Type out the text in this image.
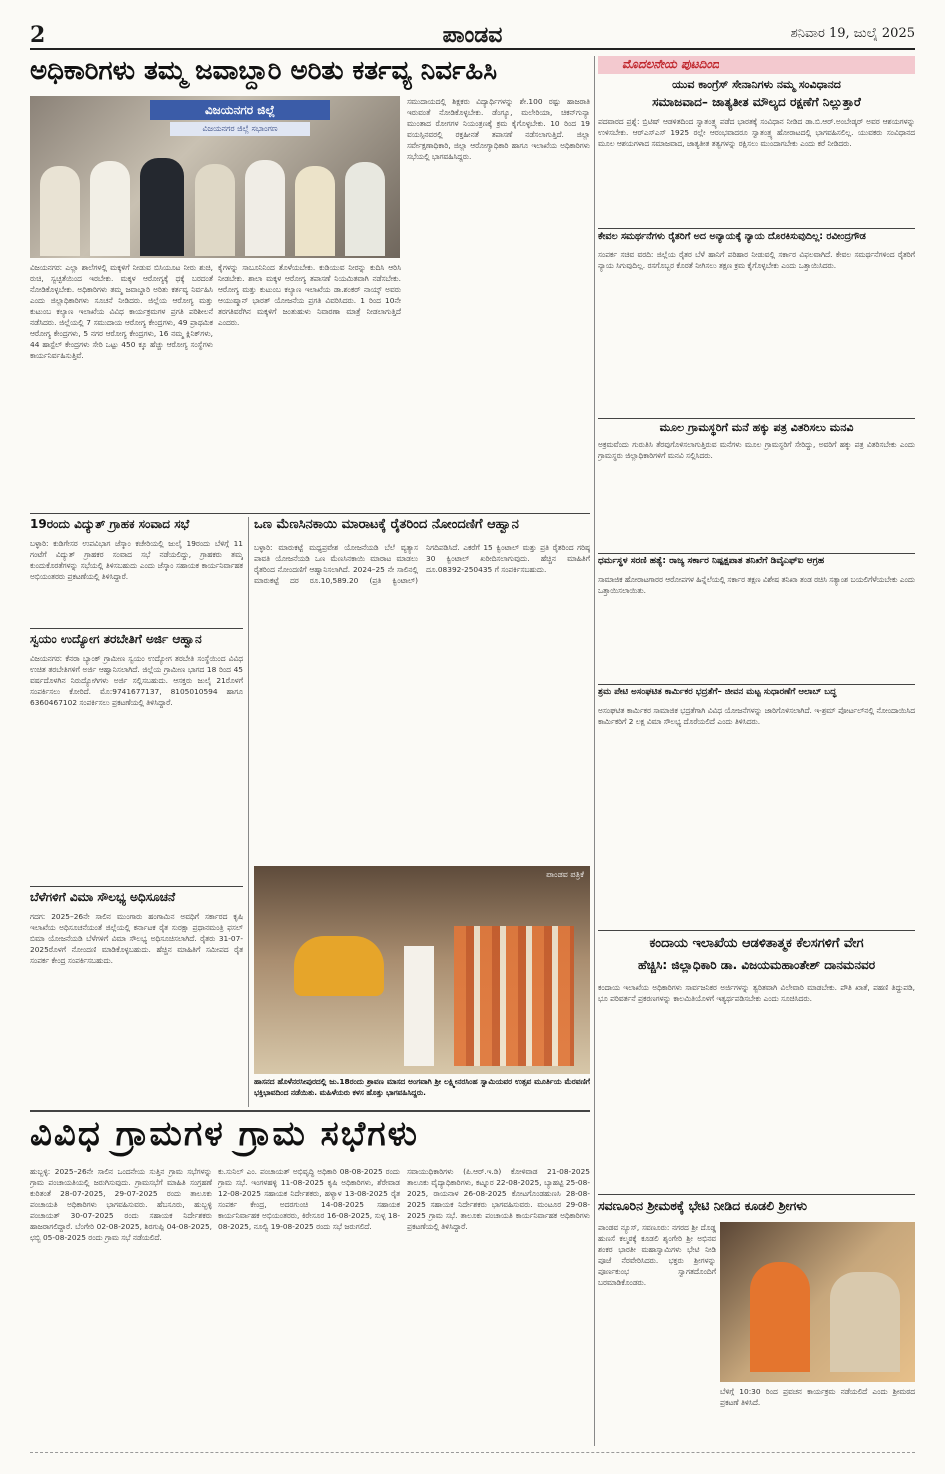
2	ಪಾಂಡವ	ಶನಿವಾರ 19, ಜುಲೈ 2025
ಅಧಿಕಾರಿಗಳು ತಮ್ಮ ಜವಾಬ್ದಾರಿ ಅರಿತು ಕರ್ತವ್ಯ ನಿರ್ವಹಿಸಿ
ವಿಜಯನಗರ ಜಿಲ್ಲೆ
ವಿಜಯನಗರ ಜಿಲ್ಲೆ ಸಭಾಂಗಣ
ವಿಜಯನಗರ: ಎಲ್ಲಾ ಶಾಲೆಗಳಲ್ಲಿ ಮಕ್ಕಳಿಗೆ ನೀಡುವ ಬಿಸಿಯೂಟ ನೀರು ಶುಚಿ, ರುಚಿ, ಸ್ವಚ್ಛತೆಯಿಂದ ಇರಬೇಕು. ಮಕ್ಕಳ ಆರೋಗ್ಯಕ್ಕೆ ಧಕ್ಕೆ ಬರದಂತೆ ನೋಡಿಕೊಳ್ಳಬೇಕು. ಅಧಿಕಾರಿಗಳು ತಮ್ಮ ಜವಾಬ್ದಾರಿ ಅರಿತು ಕರ್ತವ್ಯ ನಿರ್ವಹಿಸಿ ಎಂದು ಜಿಲ್ಲಾಧಿಕಾರಿಗಳು ಸೂಚನೆ ನೀಡಿದರು. ಜಿಲ್ಲೆಯ ಆರೋಗ್ಯ ಮತ್ತು ಕುಟುಂಬ ಕಲ್ಯಾಣ ಇಲಾಖೆಯ ವಿವಿಧ ಕಾರ್ಯಕ್ರಮಗಳ ಪ್ರಗತಿ ಪರಿಶೀಲನೆ ನಡೆಸಿದರು. ಜಿಲ್ಲೆಯಲ್ಲಿ 7 ಸಮುದಾಯ ಆರೋಗ್ಯ ಕೇಂದ್ರಗಳು, 49 ಪ್ರಾಥಮಿಕ ಆರೋಗ್ಯ ಕೇಂದ್ರಗಳು, 5 ನಗರ ಆರೋಗ್ಯ ಕೇಂದ್ರಗಳು, 16 ನಮ್ಮ ಕ್ಲಿನಿಕ್‌ಗಳು, 44 ಹಾಸ್ಟೆಲ್ ಕೇಂದ್ರಗಳು ಸೇರಿ ಒಟ್ಟು 450 ಕ್ಕೂ ಹೆಚ್ಚು ಆರೋಗ್ಯ ಸಂಸ್ಥೆಗಳು ಕಾರ್ಯನಿರ್ವಹಿಸುತ್ತಿವೆ.
ಕೈಗಳನ್ನು ಸಾಬೂನಿನಿಂದ ತೊಳೆಯಬೇಕು. ಕುಡಿಯುವ ನೀರನ್ನು ಕುದಿಸಿ ಆರಿಸಿ ನೀಡಬೇಕು. ಶಾಲಾ ಮಕ್ಕಳ ಆರೋಗ್ಯ ತಪಾಸಣೆ ನಿಯಮಿತವಾಗಿ ನಡೆಸಬೇಕು. ಆರೋಗ್ಯ ಮತ್ತು ಕುಟುಂಬ ಕಲ್ಯಾಣ ಇಲಾಖೆಯ ಡಾ.ಶಂಕರ್ ನಾಯ್ಕ್ ಅವರು ಆಯುಷ್ಮಾನ್ ಭಾರತ್ ಯೋಜನೆಯ ಪ್ರಗತಿ ವಿವರಿಸಿದರು. 1 ರಿಂದ 10ನೇ ತರಗತಿವರೆಗಿನ ಮಕ್ಕಳಿಗೆ ಜಂತುಹುಳು ನಿವಾರಣಾ ಮಾತ್ರೆ ನೀಡಲಾಗುತ್ತಿದೆ ಎಂದರು.
ಸಮುದಾಯದಲ್ಲಿ ಶಿಕ್ಷಕರು ವಿದ್ಯಾರ್ಥಿಗಳನ್ನು ಶೇ.100 ರಷ್ಟು ಹಾಜರಾತಿ ಇರುವಂತೆ ನೋಡಿಕೊಳ್ಳಬೇಕು. ಡೆಂಗ್ಯೂ, ಮಲೇರಿಯಾ, ಚಿಕನ್‌ಗುನ್ಯಾ ಮುಂತಾದ ರೋಗಗಳ ನಿಯಂತ್ರಣಕ್ಕೆ ಕ್ರಮ ಕೈಗೊಳ್ಳಬೇಕು. 10 ರಿಂದ 19 ವಯಸ್ಸಿನವರಲ್ಲಿ ರಕ್ತಹೀನತೆ ತಪಾಸಣೆ ನಡೆಸಲಾಗುತ್ತಿದೆ. ಜಿಲ್ಲಾ ಸರ್ವೇಕ್ಷಣಾಧಿಕಾರಿ, ಜಿಲ್ಲಾ ಆರೋಗ್ಯಾಧಿಕಾರಿ ಹಾಗೂ ಇಲಾಖೆಯ ಅಧಿಕಾರಿಗಳು ಸಭೆಯಲ್ಲಿ ಭಾಗವಹಿಸಿದ್ದರು.
19ರಂದು ವಿದ್ಯುತ್ ಗ್ರಾಹಕ ಸಂವಾದ ಸಭೆ
ಬಳ್ಳಾರಿ: ಕುಡಿಗೇಸರ ಉಪವಿಭಾಗ ಜೆಸ್ಕಾಂ ಕಚೇರಿಯಲ್ಲಿ ಜುಲೈ 19ರಂದು ಬೆಳಿಗ್ಗೆ 11 ಗಂಟೆಗೆ ವಿದ್ಯುತ್ ಗ್ರಾಹಕರ ಸಂವಾದ ಸಭೆ ನಡೆಯಲಿದ್ದು, ಗ್ರಾಹಕರು ತಮ್ಮ ಕುಂದುಕೊರತೆಗಳನ್ನು ಸಭೆಯಲ್ಲಿ ತಿಳಿಸಬಹುದು ಎಂದು ಜೆಸ್ಕಾಂ ಸಹಾಯಕ ಕಾರ್ಯನಿರ್ವಾಹಕ ಅಭಿಯಂತರರು ಪ್ರಕಟಣೆಯಲ್ಲಿ ತಿಳಿಸಿದ್ದಾರೆ.
ಸ್ವಯಂ ಉದ್ಯೋಗ ತರಬೇತಿಗೆ ಅರ್ಜಿ ಆಹ್ವಾನ
ವಿಜಯನಗರ: ಕೆನರಾ ಬ್ಯಾಂಕ್ ಗ್ರಾಮೀಣ ಸ್ವಯಂ ಉದ್ಯೋಗ ತರಬೇತಿ ಸಂಸ್ಥೆಯಿಂದ ವಿವಿಧ ಉಚಿತ ತರಬೇತಿಗಳಿಗೆ ಅರ್ಜಿ ಆಹ್ವಾನಿಸಲಾಗಿದೆ. ಜಿಲ್ಲೆಯ ಗ್ರಾಮೀಣ ಭಾಗದ 18 ರಿಂದ 45 ವರ್ಷದೊಳಗಿನ ನಿರುದ್ಯೋಗಿಗಳು ಅರ್ಜಿ ಸಲ್ಲಿಸಬಹುದು. ಆಸಕ್ತರು ಜುಲೈ 21ರೊಳಗೆ ಸಂಪರ್ಕಿಸಲು ಕೋರಿದೆ. ಮೊ:9741677137, 8105010594 ಹಾಗೂ 6360467102 ಸಂಪರ್ಕಿಸಲು ಪ್ರಕಟಣೆಯಲ್ಲಿ ತಿಳಿಸಿದ್ದಾರೆ.
ಬೆಳೆಗಳಿಗೆ ವಿಮಾ ಸೌಲಭ್ಯ ಅಧಿಸೂಚನೆ
ಗದಗ: 2025–26ನೇ ಸಾಲಿನ ಮುಂಗಾರು ಹಂಗಾಮಿನ ಅವಧಿಗೆ ಸರ್ಕಾರದ ಕೃಷಿ ಇಲಾಖೆಯ ಅಧಿಸೂಚನೆಯಂತೆ ಜಿಲ್ಲೆಯಲ್ಲಿ ಕರ್ನಾಟಕ ರೈತ ಸುರಕ್ಷಾ ಪ್ರಧಾನಮಂತ್ರಿ ಫಸಲ್ ಬಿಮಾ ಯೋಜನೆಯಡಿ ಬೆಳೆಗಳಿಗೆ ವಿಮಾ ಸೌಲಭ್ಯ ಅಧಿಸೂಚಿಸಲಾಗಿದೆ. ರೈತರು 31-07-2025ರೊಳಗೆ ನೋಂದಣಿ ಮಾಡಿಕೊಳ್ಳಬಹುದು. ಹೆಚ್ಚಿನ ಮಾಹಿತಿಗೆ ಸಮೀಪದ ರೈತ ಸಂಪರ್ಕ ಕೇಂದ್ರ ಸಂಪರ್ಕಿಸಬಹುದು.
ಒಣ ಮೆಣಸಿನಕಾಯಿ ಮಾರಾಟಕ್ಕೆ ರೈತರಿಂದ ನೋಂದಣಿಗೆ ಆಹ್ವಾನ
ಬಳ್ಳಾರಿ: ಮಾರುಕಟ್ಟೆ ಮಧ್ಯಪ್ರವೇಶ ಯೋಜನೆಯಡಿ ಬೆಲೆ ವ್ಯತ್ಯಾಸ ಪಾವತಿ ಯೋಜನೆಯಡಿ ಒಣ ಮೆಣಸಿನಕಾಯಿ ಮಾರಾಟ ಮಾಡಲು ರೈತರಿಂದ ನೋಂದಣಿಗೆ ಆಹ್ವಾನಿಸಲಾಗಿದೆ. 2024–25 ನೇ ಸಾಲಿನಲ್ಲಿ ಮಾರುಕಟ್ಟೆ ದರ ರೂ.10,589.20 (ಪ್ರತಿ ಕ್ವಿಂಟಾಲ್) ನಿಗದಿಪಡಿಸಿದೆ. ಎಕರೆಗೆ 15 ಕ್ವಿಂಟಾಲ್ ಮತ್ತು ಪ್ರತಿ ರೈತರಿಂದ ಗರಿಷ್ಠ 30 ಕ್ವಿಂಟಾಲ್ ಖರೀದಿಸಲಾಗುವುದು. ಹೆಚ್ಚಿನ ಮಾಹಿತಿಗೆ ದೂ.08392-250435 ಗೆ ಸಂಪರ್ಕಿಸಬಹುದು.
ಪಾಂಡವ ಪತ್ರಿಕೆ
ಹಾಸನದ ಹೊಳೆನರಸೀಪುರದಲ್ಲಿ ಜು.18ರಂದು ಶ್ರಾವಣ ಮಾಸದ ಅಂಗವಾಗಿ ಶ್ರೀ ಲಕ್ಷ್ಮೀನರಸಿಂಹ ಸ್ವಾಮಿಯವರ ಉತ್ಸವ ಮೂರ್ತಿಯ ಮೆರವಣಿಗೆ ಭಕ್ತಿಭಾವದಿಂದ ನಡೆಯಿತು. ಮಹಿಳೆಯರು ಕಳಸ ಹೊತ್ತು ಭಾಗವಹಿಸಿದ್ದರು.
ವಿವಿಧ ಗ್ರಾಮಗಳ ಗ್ರಾಮ ಸಭೆಗಳು
ಹುಬ್ಬಳ್ಳಿ: 2025–26ನೇ ಸಾಲಿನ ಒಂದನೇಯ ಸುತ್ತಿನ ಗ್ರಾಮ ಸಭೆಗಳನ್ನು ಗ್ರಾಮ ಪಂಚಾಯತಿಯಲ್ಲಿ ಜರುಗಿಸುವುದು. ಗ್ರಾಮಸಭೆಗೆ ಮಾಹಿತಿ ಸಂಗ್ರಹಣೆ ಕುರಿತಂತೆ 28-07-2025, 29-07-2025 ರಂದು ತಾಲೂಕು ಪಂಚಾಯತಿ ಅಧಿಕಾರಿಗಳು ಭಾಗವಹಿಸುವರು. ಹೆಬಸೂರು, ಹುಬ್ಬಳ್ಳಿ ಪಂಚಾಯತ್ 30-07-2025 ರಂದು ಸಹಾಯಕ ನಿರ್ದೇಶಕರು ಹಾಜರಾಗಲಿದ್ದಾರೆ. ಬೆಂಗೇರಿ 02-08-2025, ಶಿರಗುಪ್ಪಿ 04-08-2025, ಛಬ್ಬಿ 05-08-2025 ರಂದು ಗ್ರಾಮ ಸಭೆ ನಡೆಯಲಿದೆ.
ಕು.ಸುನಿಲ್ ಎಂ. ಪಂಚಾಯತ್ ಅಭಿವೃದ್ಧಿ ಅಧಿಕಾರಿ 08-08-2025 ರಂದು ಗ್ರಾಮ ಸಭೆ. ಇಂಗಳಹಳ್ಳಿ 11-08-2025 ಕೃಷಿ ಅಧಿಕಾರಿಗಳು, ಶೆರೇವಾಡ 12-08-2025 ಸಹಾಯಕ ನಿರ್ದೇಶಕರು, ಹಳ್ಯಾಳ 13-08-2025 ರೈತ ಸಂಪರ್ಕ ಕೇಂದ್ರ, ಅದರಗುಂಚಿ 14-08-2025 ಸಹಾಯಕ ಕಾರ್ಯನಿರ್ವಾಹಕ ಅಭಿಯಂತರರು, ಕಿರೇಸೂರ 16-08-2025, ಸುಳ್ಳ 18-08-2025, ನೂಲ್ವಿ 19-08-2025 ರಂದು ಸಭೆ ಜರುಗಲಿದೆ.
ಸವಾಯುಧಿಕಾರಿಗಳು (ಪಿ.ಆರ್.ಇ.ಡಿ) ಕೋಳಿವಾಡ 21-08-2025 ತಾಲೂಕು ವೈದ್ಯಾಧಿಕಾರಿಗಳು, ಕಟ್ನೂರ 22-08-2025, ಬ್ಯಾಹಟ್ಟಿ 25-08-2025, ರಾಯನಾಳ 26-08-2025 ಕೋಟಗೊಂಡಹುಣಸಿ 28-08-2025 ಸಹಾಯಕ ನಿರ್ದೇಶಕರು ಭಾಗವಹಿಸುವರು. ಮಂಟೂರ 29-08-2025 ಗ್ರಾಮ ಸಭೆ. ತಾಲೂಕು ಪಂಚಾಯತಿ ಕಾರ್ಯನಿರ್ವಾಹಕ ಅಧಿಕಾರಿಗಳು ಪ್ರಕಟಣೆಯಲ್ಲಿ ತಿಳಿಸಿದ್ದಾರೆ.
ಮೊದಲನೇಯ ಪುಟದಿಂದ
ಯುವ ಕಾಂಗ್ರೆಸ್ ಸೇನಾನಿಗಳು ನಮ್ಮ ಸಂವಿಧಾನದ
ಸಮಾಜವಾದ– ಜಾತ್ಯತೀತ ಮೌಲ್ಯದ ರಕ್ಷಣೆಗೆ ನಿಲ್ಲುತ್ತಾರೆ
ಪದವಾರದ ಪ್ರಶ್ನೆ: ಬ್ರಿಟಿಷ್ ಆಡಳಿತದಿಂದ ಸ್ವಾತಂತ್ರ್ಯ ಪಡೆದ ಭಾರತಕ್ಕೆ ಸಂವಿಧಾನ ನೀಡಿದ ಡಾ.ಬಿ.ಆರ್.ಅಂಬೇಡ್ಕರ್ ಅವರ ಆಶಯಗಳನ್ನು ಉಳಿಸಬೇಕು. ಆರ್‌ಎಸ್‌ಎಸ್ 1925 ರಲ್ಲೇ ಆರಂಭವಾದರೂ ಸ್ವಾತಂತ್ರ್ಯ ಹೋರಾಟದಲ್ಲಿ ಭಾಗವಹಿಸಲಿಲ್ಲ. ಯುವಕರು ಸಂವಿಧಾನದ ಮೂಲ ಆಶಯಗಳಾದ ಸಮಾಜವಾದ, ಜಾತ್ಯತೀತ ತತ್ವಗಳನ್ನು ರಕ್ಷಿಸಲು ಮುಂದಾಗಬೇಕು ಎಂದು ಕರೆ ನೀಡಿದರು.
ಕೇವಲ ಸಮರ್ಥನೆಗಳು ರೈತರಿಗೆ ಅದ ಅನ್ಯಾಯಕ್ಕೆ ನ್ಯಾಯ ದೊರಕಿಸುವುದಿಲ್ಲ: ರವೀಂದ್ರಗೌಡ
ಸಂಪರ್ಕ ಸಚಿವ ವರದಿ: ಜಿಲ್ಲೆಯ ರೈತರ ಬೆಳೆ ಹಾನಿಗೆ ಪರಿಹಾರ ನೀಡುವಲ್ಲಿ ಸರ್ಕಾರ ವಿಫಲವಾಗಿದೆ. ಕೇವಲ ಸಮರ್ಥನೆಗಳಿಂದ ರೈತರಿಗೆ ನ್ಯಾಯ ಸಿಗುವುದಿಲ್ಲ. ರಸಗೊಬ್ಬರ ಕೊರತೆ ನೀಗಿಸಲು ತಕ್ಷಣ ಕ್ರಮ ಕೈಗೊಳ್ಳಬೇಕು ಎಂದು ಒತ್ತಾಯಿಸಿದರು.
ಮೂಲ ಗ್ರಾಮಸ್ಥರಿಗೆ ಮನೆ ಹಕ್ಕು ಪತ್ರ ವಿತರಿಸಲು ಮನವಿ
ಅಕ್ರಮವೆಂದು ಗುರುತಿಸಿ ತೆರವುಗೊಳಿಸಲಾಗುತ್ತಿರುವ ಮನೆಗಳು ಮೂಲ ಗ್ರಾಮಸ್ಥರಿಗೆ ಸೇರಿದ್ದು, ಅವರಿಗೆ ಹಕ್ಕು ಪತ್ರ ವಿತರಿಸಬೇಕು ಎಂದು ಗ್ರಾಮಸ್ಥರು ಜಿಲ್ಲಾಧಿಕಾರಿಗಳಿಗೆ ಮನವಿ ಸಲ್ಲಿಸಿದರು.
ಧರ್ಮಸ್ಥಳ ಸರಣಿ ಹತ್ಯೆ: ರಾಜ್ಯ ಸರ್ಕಾರ ನಿಷ್ಪಕ್ಷಪಾತ ತನಿಖೆಗೆ ಡಿವೈಎಫ್‌ಐ ಆಗ್ರಹ
ಸಾಮಾಜಿಕ ಹೋರಾಟಗಾರರ ಆರೋಪಗಳ ಹಿನ್ನೆಲೆಯಲ್ಲಿ ಸರ್ಕಾರ ತಕ್ಷಣ ವಿಶೇಷ ತನಿಖಾ ತಂಡ ರಚಿಸಿ ಸತ್ಯಾಂಶ ಬಯಲಿಗೆಳೆಯಬೇಕು ಎಂದು ಒತ್ತಾಯಿಸಲಾಯಿತು.
ಶ್ರಮ ಪೇಟಿ ಅಸಂಘಟಿತ ಕಾರ್ಮಿಕರ ಭದ್ರತೆಗೆ– ಜೀವನ ಮಟ್ಟ ಸುಧಾರಣೆಗೆ ಆಲಾಬ್ ಬದ್ಧ
ಅಸಂಘಟಿತ ಕಾರ್ಮಿಕರ ಸಾಮಾಜಿಕ ಭದ್ರತೆಗಾಗಿ ವಿವಿಧ ಯೋಜನೆಗಳನ್ನು ಜಾರಿಗೊಳಿಸಲಾಗಿದೆ. ಇ-ಶ್ರಮ್ ಪೋರ್ಟಲ್‌ನಲ್ಲಿ ನೋಂದಾಯಿಸಿದ ಕಾರ್ಮಿಕರಿಗೆ 2 ಲಕ್ಷ ವಿಮಾ ಸೌಲಭ್ಯ ದೊರೆಯಲಿದೆ ಎಂದು ತಿಳಿಸಿದರು.
ಕಂದಾಯ ಇಲಾಖೆಯ ಆಡಳಿತಾತ್ಮಕ ಕೆಲಸಗಳಿಗೆ ವೇಗ
ಹೆಚ್ಚಿಸಿ: ಜಿಲ್ಲಾಧಿಕಾರಿ ಡಾ. ವಿಜಯಮಹಾಂತೇಶ್ ದಾನಮನವರ
ಕಂದಾಯ ಇಲಾಖೆಯ ಅಧಿಕಾರಿಗಳು ಸಾರ್ವಜನಿಕರ ಅರ್ಜಿಗಳನ್ನು ತ್ವರಿತವಾಗಿ ವಿಲೇವಾರಿ ಮಾಡಬೇಕು. ಪೌತಿ ಖಾತೆ, ಪಹಣಿ ತಿದ್ದುಪಡಿ, ಭೂ ಪರಿವರ್ತನೆ ಪ್ರಕರಣಗಳನ್ನು ಕಾಲಮಿತಿಯೊಳಗೆ ಇತ್ಯರ್ಥಪಡಿಸಬೇಕು ಎಂದು ಸೂಚಿಸಿದರು.
ಸವಣೂರಿನ ಶ್ರೀಮಠಕ್ಕೆ ಭೇಟಿ ನೀಡಿದ ಕೂಡಲಿ ಶ್ರೀಗಳು
ಪಾಂಡವ ನ್ಯೂಸ್, ಸವಣೂರು: ನಗರದ ಶ್ರೀ ದೊಡ್ಡ ಹುಣಸೆ ಕಲ್ಮಠಕ್ಕೆ ಕೂಡಲಿ ಶೃಂಗೇರಿ ಶ್ರೀ ಅಭಿನವ ಶಂಕರ ಭಾರತೀ ಮಹಾಸ್ವಾಮಿಗಳು ಭೇಟಿ ನೀಡಿ ಪೂಜೆ ನೆರವೇರಿಸಿದರು. ಭಕ್ತರು ಶ್ರೀಗಳನ್ನು ಪೂರ್ಣಕುಂಭ ಸ್ವಾಗತದೊಂದಿಗೆ ಬರಮಾಡಿಕೊಂಡರು.
ಬೆಳಿಗ್ಗೆ 10:30 ರಿಂದ ಪ್ರವಚನ ಕಾರ್ಯಕ್ರಮ ನಡೆಯಲಿದೆ ಎಂದು ಶ್ರೀಮಠದ ಪ್ರಕಟಣೆ ತಿಳಿಸಿದೆ.
